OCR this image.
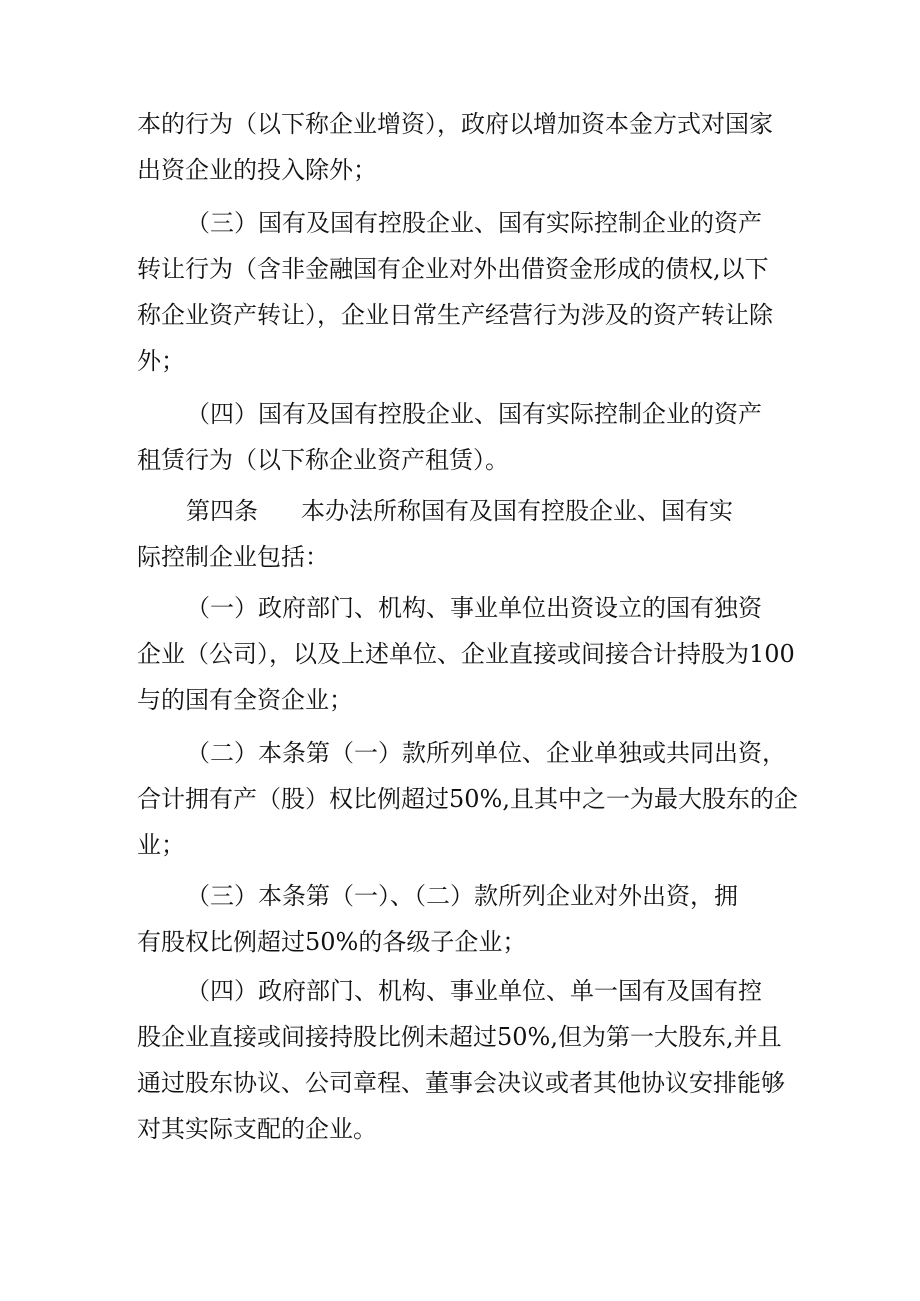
本的行为（以下称企业增资），政府以增加资本金方式对国家
出资企业的投入除外；
（三）国有及国有控股企业、国有实际控制企业的资产
转让行为（含非金融国有企业对外出借资金形成的债权,以下
称企业资产转让），企业日常生产经营行为涉及的资产转让除
外；
（四）国有及国有控股企业、国有实际控制企业的资产
租赁行为（以下称企业资产租赁）。
第四条 本办法所称国有及国有控股企业、国有实
际控制企业包括：
（一）政府部门、机构、事业单位出资设立的国有独资
企业（公司），以及上述单位、企业直接或间接合计持股为100
与的国有全资企业；
（二）本条第（一）款所列单位、企业单独或共同出资，
合计拥有产（股）权比例超过50%,且其中之一为最大股东的企
业；
（三）本条第（一）、（二）款所列企业对外出资，拥
有股权比例超过50%的各级子企业；
（四）政府部门、机构、事业单位、单一国有及国有控
股企业直接或间接持股比例未超过50%,但为第一大股东,并且
通过股东协议、公司章程、董事会决议或者其他协议安排能够
对其实际支配的企业。
